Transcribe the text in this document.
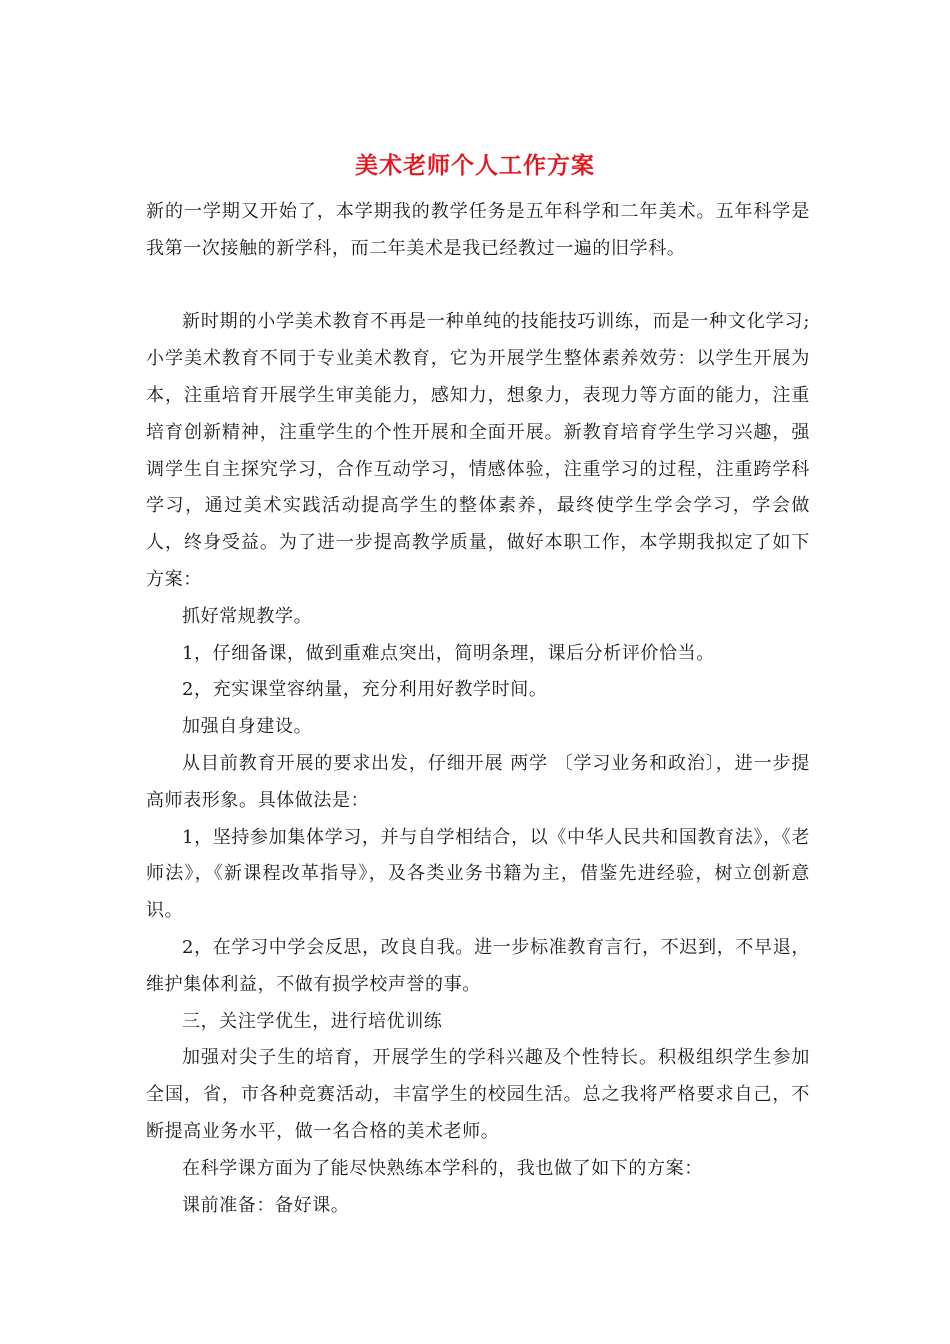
美术老师个人工作方案

新的一学期又开始了，本学期我的教学任务是五年科学和二年美术。五年科学是我第一次接触的新学科，而二年美术是我已经教过一遍的旧学科。

新时期的小学美术教育不再是一种单纯的技能技巧训练，而是一种文化学习;小学美术教育不同于专业美术教育，它为开展学生整体素养效劳：以学生开展为本，注重培育开展学生审美能力，感知力，想象力，表现力等方面的能力，注重培育创新精神，注重学生的个性开展和全面开展。新教育培育学生学习兴趣，强调学生自主探究学习，合作互动学习，情感体验，注重学习的过程，注重跨学科学习，通过美术实践活动提高学生的整体素养，最终使学生学会学习，学会做人，终身受益。为了进一步提高教学质量，做好本职工作，本学期我拟定了如下方案：

抓好常规教学。

1，仔细备课，做到重难点突出，简明条理，课后分析评价恰当。

2，充实课堂容纳量，充分利用好教学时间。

加强自身建设。

从目前教育开展的要求出发，仔细开展 两学 〔学习业务和政治〕，进一步提高师表形象。具体做法是：

1，坚持参加集体学习，并与自学相结合，以《中华人民共和国教育法》，《老师法》，《新课程改革指导》，及各类业务书籍为主，借鉴先进经验，树立创新意识。

2，在学习中学会反思，改良自我。进一步标准教育言行，不迟到，不早退，维护集体利益，不做有损学校声誉的事。

三，关注学优生，进行培优训练

加强对尖子生的培育，开展学生的学科兴趣及个性特长。积极组织学生参加全国，省，市各种竞赛活动，丰富学生的校园生活。总之我将严格要求自己，不断提高业务水平，做一名合格的美术老师。

在科学课方面为了能尽快熟练本学科的，我也做了如下的方案：

课前准备：备好课。
